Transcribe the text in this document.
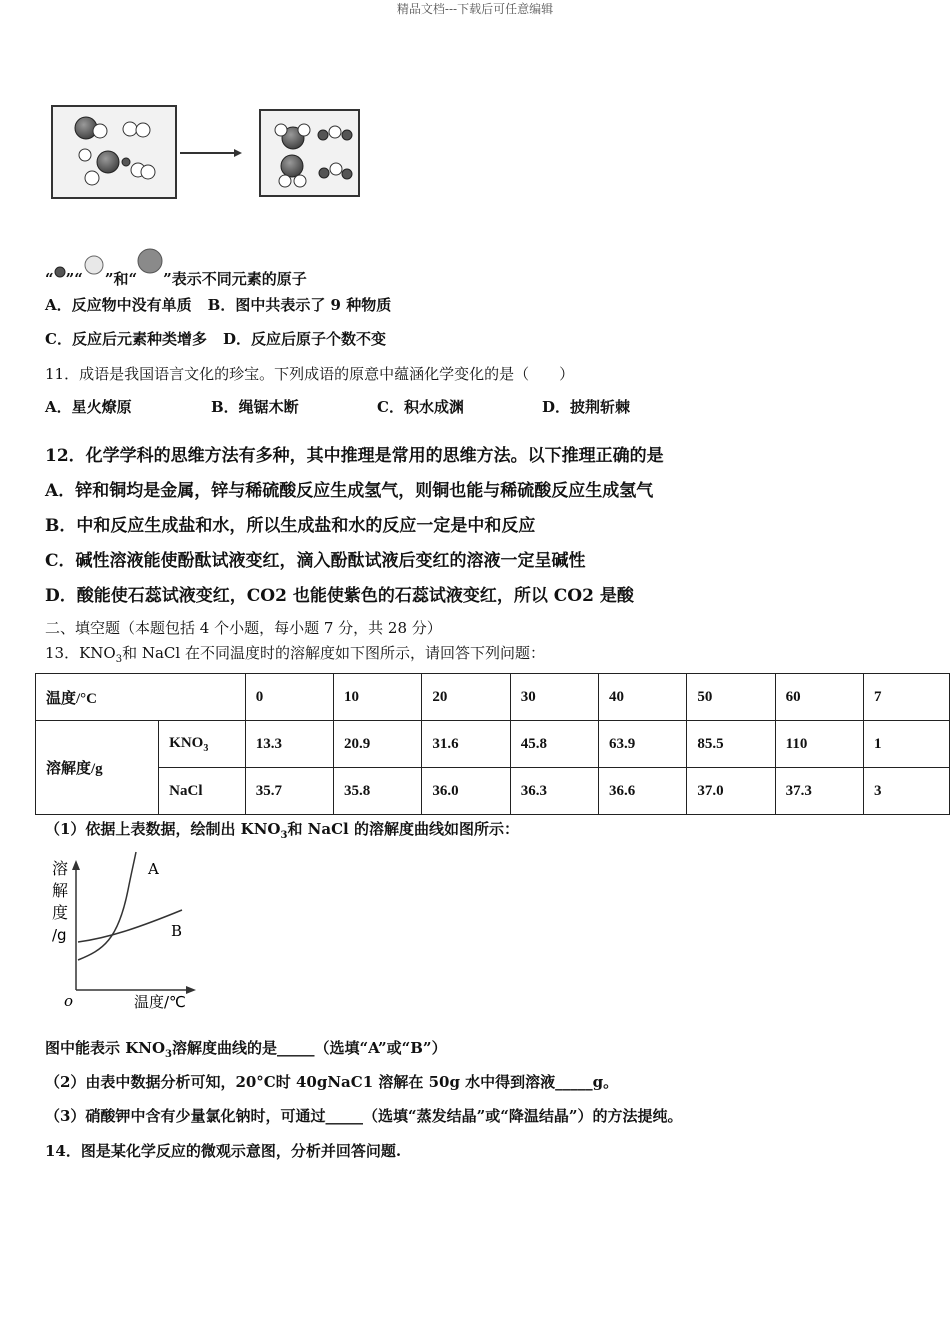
精品文档---下载后可任意编辑
“ ”“ ”和“ ”表示不同元素的原子
A．反应物中没有单质 B．图中共表示了 9 种物质
C．反应后元素种类增多 D．反应后原子个数不变
11．成语是我国语言文化的珍宝。下列成语的原意中蕴涵化学变化的是（　　）
A．星火燎原	B．绳锯木断	C．积水成渊	D．披荆斩棘
12．化学学科的思维方法有多种，其中推理是常用的思维方法。以下推理正确的是
A．锌和铜均是金属，锌与稀硫酸反应生成氢气，则铜也能与稀硫酸反应生成氢气
B．中和反应生成盐和水，所以生成盐和水的反应一定是中和反应
C．碱性溶液能使酚酞试液变红，滴入酚酞试液后变红的溶液一定呈碱性
D．酸能使石蕊试液变红，CO2 也能使紫色的石蕊试液变红，所以 CO2 是酸
二、填空题（本题包括 4 个小题，每小题 7 分，共 28 分）
13．$KNO_3$和 NaCl 在不同温度时的溶解度如下图所示，请回答下列问题：
温度/°C		0	10	20	30	40	50	60	7
溶解度/g	$KNO_3$	13.3	20.9	31.6	45.8	63.9	85.5	110	1
	NaCl	35.7	35.8	36.0	36.3	36.6	37.0	37.3	3
（1）依据上表数据，绘制出 $KNO_3$和 NaCl 的溶解度曲线如图所示：
溶
解
度
/g
A
B
o	温度/℃
图中能表示 $KNO_3$溶解度曲线的是_____（选填“A”或“B”）
（2）由表中数据分析可知，20°C时 40gNaC1 溶解在 50g 水中得到溶液_____g。
（3）硝酸钾中含有少量氯化钠时，可通过_____（选填“蒸发结晶”或“降温结晶”）的方法提纯。
14．图是某化学反应的微观示意图，分析并回答问题.
